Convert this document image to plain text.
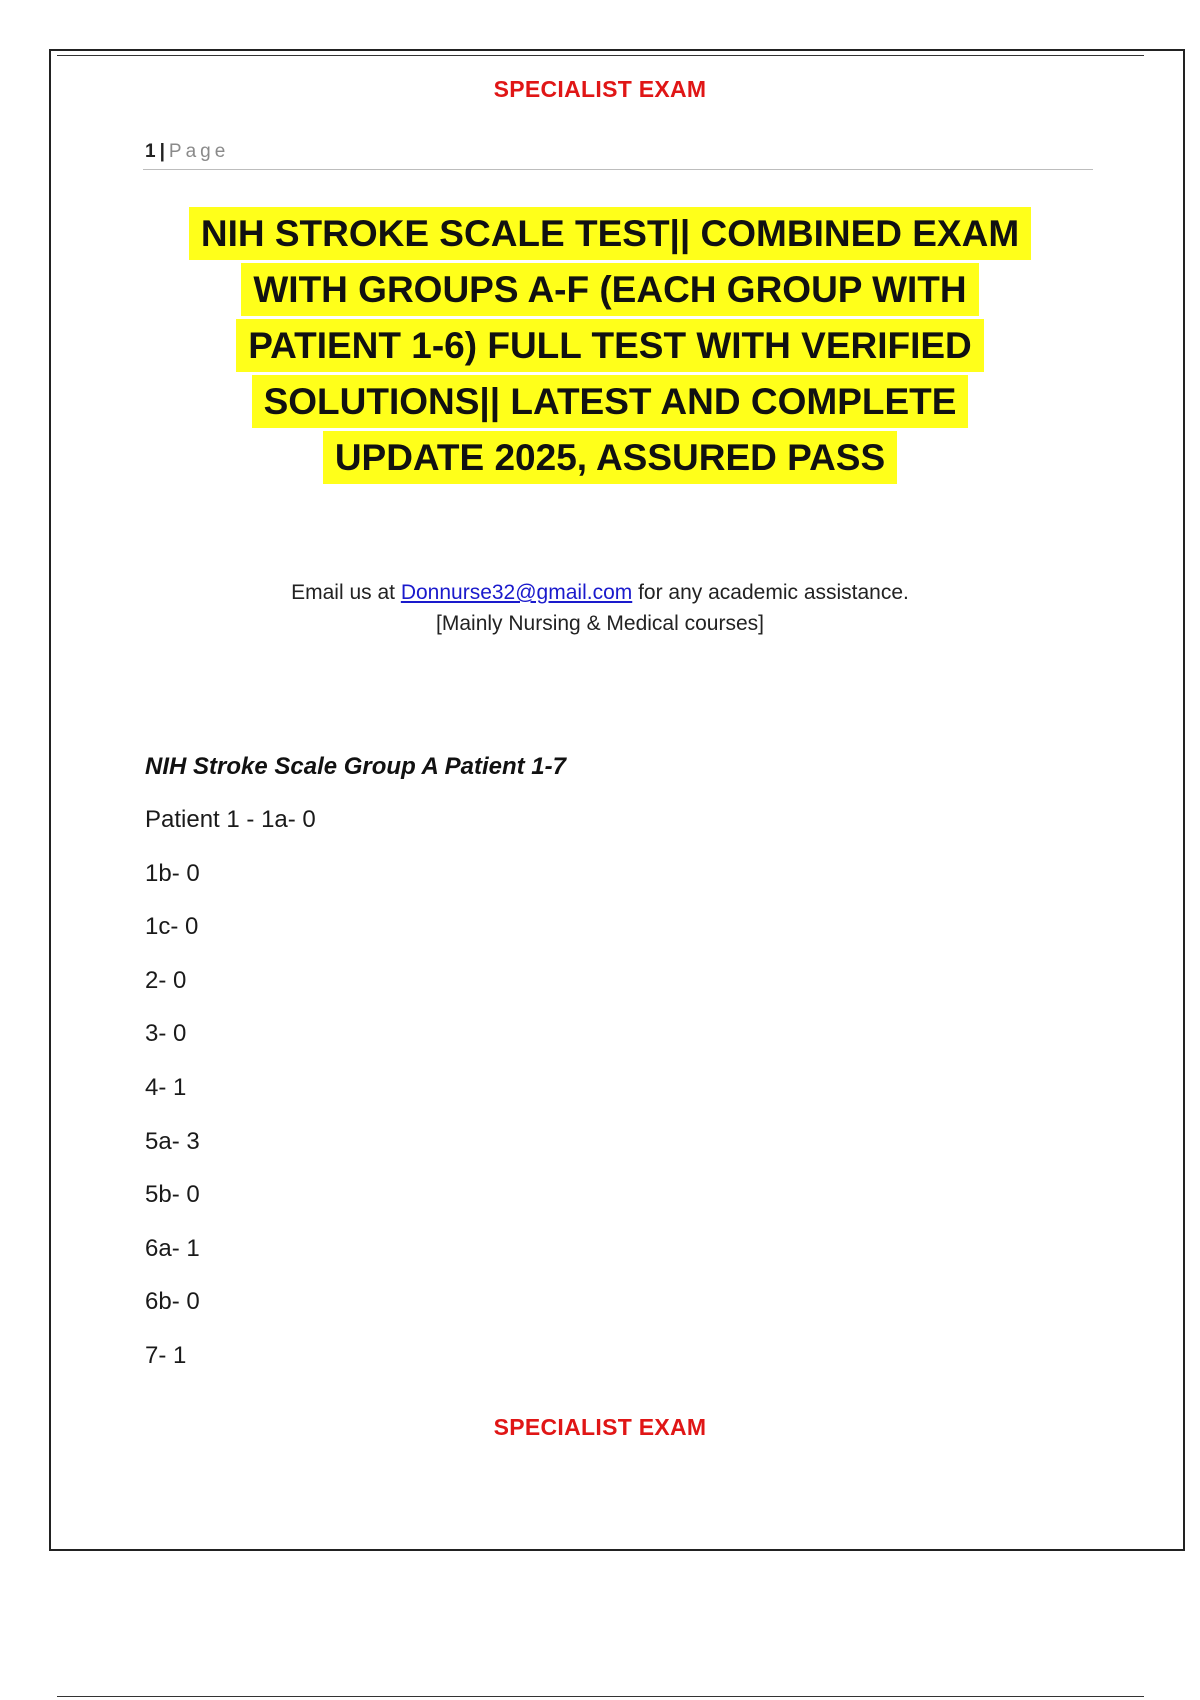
SPECIALIST EXAM
1 | Page
NIH STROKE SCALE TEST|| COMBINED EXAM
WITH GROUPS A-F (EACH GROUP WITH
PATIENT 1-6) FULL TEST WITH VERIFIED
SOLUTIONS|| LATEST AND COMPLETE
UPDATE 2025, ASSURED PASS
Email us at Donnurse32@gmail.com for any academic assistance.
[Mainly Nursing & Medical courses]
NIH Stroke Scale Group A Patient 1-7
Patient 1 - 1a- 0
1b- 0
1c- 0
2- 0
3- 0
4- 1
5a- 3
5b- 0
6a- 1
6b- 0
7- 1
SPECIALIST EXAM
